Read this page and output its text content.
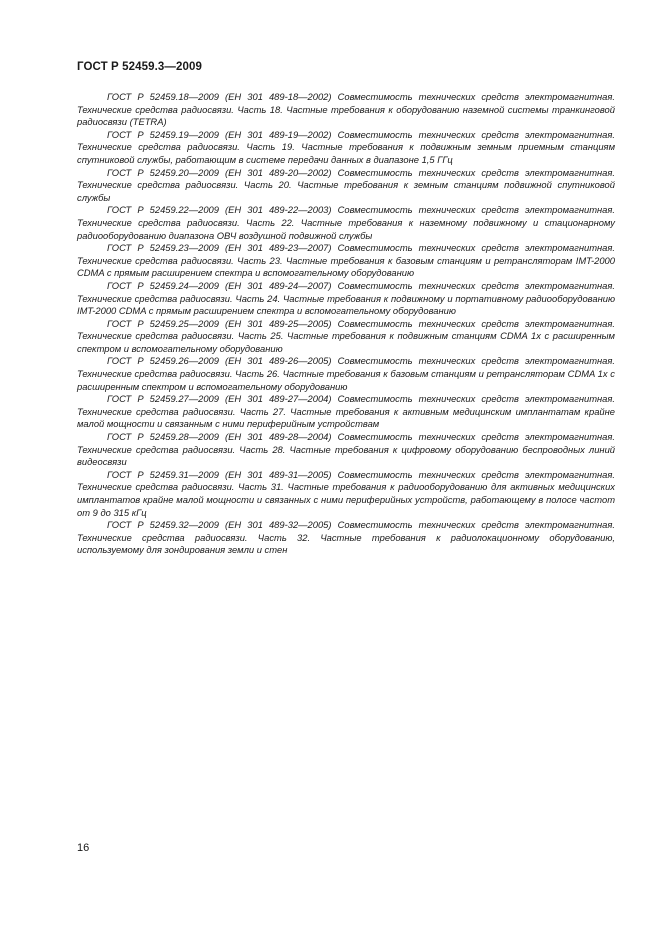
ГОСТ Р 52459.3—2009

ГОСТ Р 52459.18—2009 (ЕН 301 489-18—2002) Совместимость технических средств электромагнитная. Технические средства радиосвязи. Часть 18. Частные требования к оборудованию наземной системы транкинговой радиосвязи (TETRA)

ГОСТ Р 52459.19—2009 (ЕН 301 489-19—2002) Совместимость технических средств электромагнитная. Технические средства радиосвязи. Часть 19. Частные требования к подвижным земным приемным станциям спутниковой службы, работающим в системе передачи данных в диапазоне 1,5 ГГц

ГОСТ Р 52459.20—2009 (ЕН 301 489-20—2002) Совместимость технических средств электромагнитная. Технические средства радиосвязи. Часть 20. Частные требования к земным станциям подвижной спутниковой службы

ГОСТ Р 52459.22—2009 (ЕН 301 489-22—2003) Совместимость технических средств электромагнитная. Технические средства радиосвязи. Часть 22. Частные требования к наземному подвижному и стационарному радиооборудованию диапазона ОВЧ воздушной подвижной службы

ГОСТ Р 52459.23—2009 (ЕН 301 489-23—2007) Совместимость технических средств электромагнитная. Технические средства радиосвязи. Часть 23. Частные требования к базовым станциям и ретрансляторам IMT-2000 CDMA с прямым расширением спектра и вспомогательному оборудованию

ГОСТ Р 52459.24—2009 (ЕН 301 489-24—2007) Совместимость технических средств электромагнитная. Технические средства радиосвязи. Часть 24. Частные требования к подвижному и портативному радиооборудованию IMT-2000 CDMA с прямым расширением спектра и вспомогательному оборудованию

ГОСТ Р 52459.25—2009 (ЕН 301 489-25—2005) Совместимость технических средств электромагнитная. Технические средства радиосвязи. Часть 25. Частные требования к подвижным станциям CDMA 1x с расширенным спектром и вспомогательному оборудованию

ГОСТ Р 52459.26—2009 (ЕН 301 489-26—2005) Совместимость технических средств электромагнитная. Технические средства радиосвязи. Часть 26. Частные требования к базовым станциям и ретрансляторам CDMA 1x с расширенным спектром и вспомогательному оборудованию

ГОСТ Р 52459.27—2009 (ЕН 301 489-27—2004) Совместимость технических средств электромагнитная. Технические средства радиосвязи. Часть 27. Частные требования к активным медицинским имплантатам крайне малой мощности и связанным с ними периферийным устройствам

ГОСТ Р 52459.28—2009 (ЕН 301 489-28—2004) Совместимость технических средств электромагнитная. Технические средства радиосвязи. Часть 28. Частные требования к цифровому оборудованию беспроводных линий видеосвязи

ГОСТ Р 52459.31—2009 (ЕН 301 489-31—2005) Совместимость технических средств электромагнитная. Технические средства радиосвязи. Часть 31. Частные требования к радиооборудованию для активных медицинских имплантатов крайне малой мощности и связанных с ними периферийных устройств, работающему в полосе частот от 9 до 315 кГц

ГОСТ Р 52459.32—2009 (ЕН 301 489-32—2005) Совместимость технических средств электромагнитная. Технические средства радиосвязи. Часть 32. Частные требования к радиолокационному оборудованию, используемому для зондирования земли и стен

16
